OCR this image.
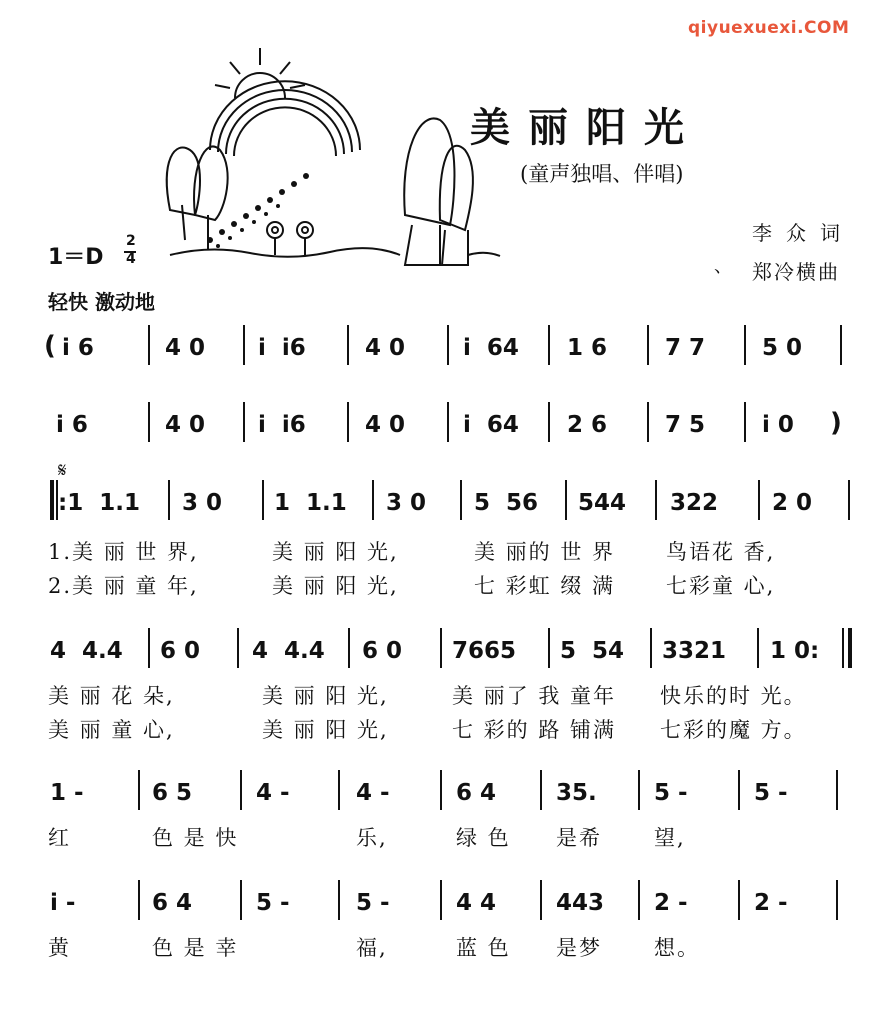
qiyuexuexi.COM
美丽阳光
(童声独唱、伴唱)
李众词
、 郑冷横曲
1＝D
2
4
轻快 激动地
𝄋
( i 6	4 0 i  i6	4 0	i  64 1 6	7 7 5 0
i 6	4 0 i  i6	4 0	i  64 2 6	7 5 i 0 )
:1  1.1 3 0 1  1.1 3 0 5  56 544 322 2 0
1.美 丽 世 界,	美 丽 阳 光,	美 丽的 世 界 鸟语花 香,
2.美 丽 童 年,	美 丽 阳 光,	七 彩虹 缀 满 七彩童 心,
4  4.4 6 0 4  4.4 6 0 7665 5  54 3321 1 0:
美 丽 花 朵,	美 丽 阳 光,	美 丽了 我 童年 快乐的时 光。
美 丽 童 心,	美 丽 阳 光,	七 彩的 路 铺满 七彩的魔 方。
1 -	6 5	4 -	4 -	6 4	35. 5 -	5 -
红	色 是 快	乐,	绿 色 是希 望,
i -	6 4	5 -	5 -	4 4	443 2 -	2 -
黄	色 是 幸	福,	蓝 色 是梦 想。
